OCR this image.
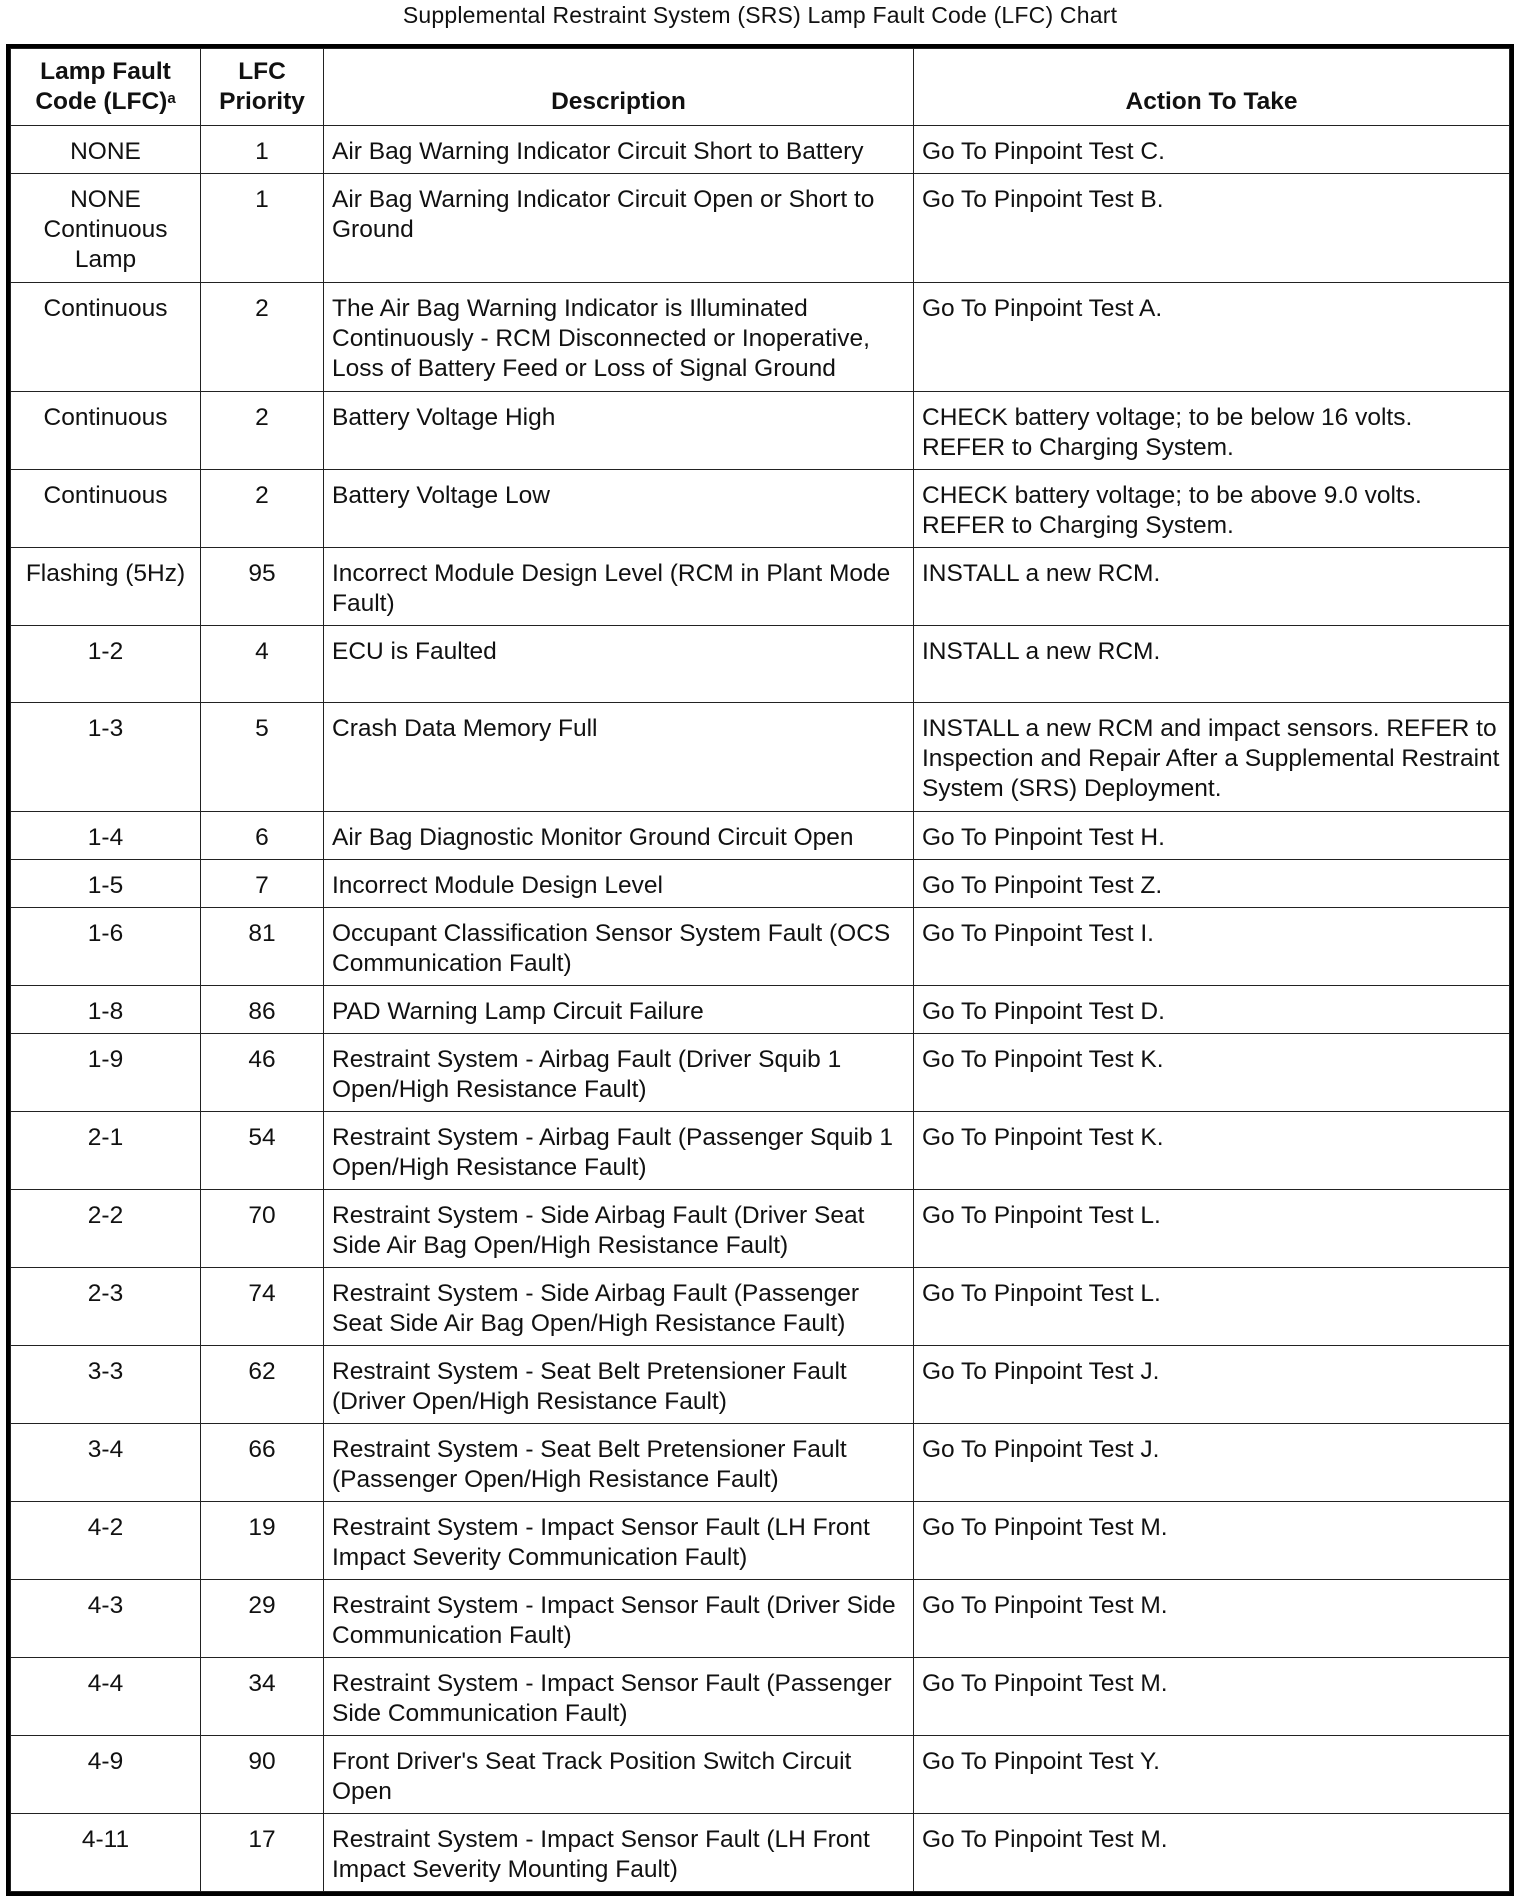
Supplemental Restraint System (SRS) Lamp Fault Code (LFC) Chart
Lamp Fault Code (LFC)$^a$	LFC Priority	Description	Action To Take
NONE	1	Air Bag Warning Indicator Circuit Short to Battery	Go To Pinpoint Test C.
NONE Continuous Lamp	1	Air Bag Warning Indicator Circuit Open or Short to Ground	Go To Pinpoint Test B.
Continuous	2	The Air Bag Warning Indicator is Illuminated Continuously - RCM Disconnected or Inoperative, Loss of Battery Feed or Loss of Signal Ground	Go To Pinpoint Test A.
Continuous	2	Battery Voltage High	CHECK battery voltage; to be below 16 volts. REFER to Charging System.
Continuous	2	Battery Voltage Low	CHECK battery voltage; to be above 9.0 volts. REFER to Charging System.
Flashing (5Hz)	95	Incorrect Module Design Level (RCM in Plant Mode Fault)	INSTALL a new RCM.
1-2	4	ECU is Faulted	INSTALL a new RCM.
1-3	5	Crash Data Memory Full	INSTALL a new RCM and impact sensors. REFER to Inspection and Repair After a Supplemental Restraint System (SRS) Deployment.
1-4	6	Air Bag Diagnostic Monitor Ground Circuit Open	Go To Pinpoint Test H.
1-5	7	Incorrect Module Design Level	Go To Pinpoint Test Z.
1-6	81	Occupant Classification Sensor System Fault (OCS Communication Fault)	Go To Pinpoint Test I.
1-8	86	PAD Warning Lamp Circuit Failure	Go To Pinpoint Test D.
1-9	46	Restraint System - Airbag Fault (Driver Squib 1 Open/High Resistance Fault)	Go To Pinpoint Test K.
2-1	54	Restraint System - Airbag Fault (Passenger Squib 1 Open/High Resistance Fault)	Go To Pinpoint Test K.
2-2	70	Restraint System - Side Airbag Fault (Driver Seat Side Air Bag Open/High Resistance Fault)	Go To Pinpoint Test L.
2-3	74	Restraint System - Side Airbag Fault (Passenger Seat Side Air Bag Open/High Resistance Fault)	Go To Pinpoint Test L.
3-3	62	Restraint System - Seat Belt Pretensioner Fault (Driver Open/High Resistance Fault)	Go To Pinpoint Test J.
3-4	66	Restraint System - Seat Belt Pretensioner Fault (Passenger Open/High Resistance Fault)	Go To Pinpoint Test J.
4-2	19	Restraint System - Impact Sensor Fault (LH Front Impact Severity Communication Fault)	Go To Pinpoint Test M.
4-3	29	Restraint System - Impact Sensor Fault (Driver Side Communication Fault)	Go To Pinpoint Test M.
4-4	34	Restraint System - Impact Sensor Fault (Passenger Side Communication Fault)	Go To Pinpoint Test M.
4-9	90	Front Driver's Seat Track Position Switch Circuit Open	Go To Pinpoint Test Y.
4-11	17	Restraint System - Impact Sensor Fault (LH Front Impact Severity Mounting Fault)	Go To Pinpoint Test M.
